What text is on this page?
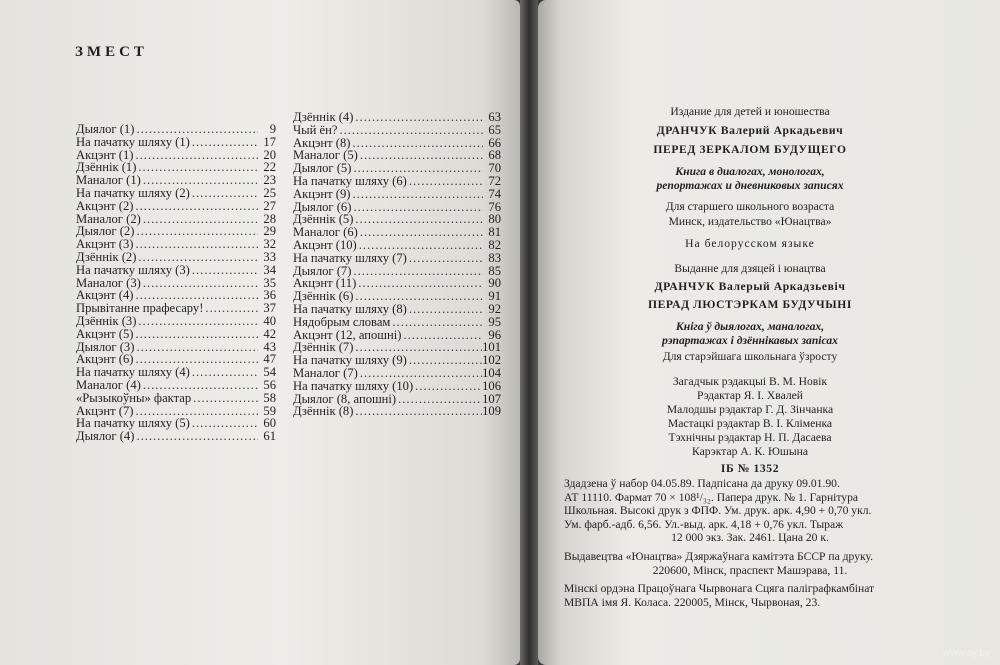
ЗМЕСТ
Дыялог (1) .....	9
На пачатку шляху (1) .....	17
Акцэнт (1) .....	20
Дзённік (1) .....	22
Маналог (1) .....	23
На пачатку шляху (2) .....	25
Акцэнт (2) .....	27
Маналог (2) .....	28
Дыялог (2) .....	29
Акцэнт (3) .....	32
Дзённік (2) .....	33
На пачатку шляху (3) .....	34
Маналог (3) .....	35
Акцэнт (4) .....	36
Прывітанне прафесару! .....	37
Дзённік (3) .....	40
Акцэнт (5) .....	42
Дыялог (3) .....	43
Акцэнт (6) .....	47
На пачатку шляху (4) .....	54
Маналог (4) .....	56
«Рызыкоўны» фактар .....	58
Акцэнт (7) .....	59
На пачатку шляху (5) .....	60
Дыялог (4) .....	61
Дзённік (4) .....	63
Чый ён? .....	65
Акцэнт (8) .....	66
Маналог (5) .....	68
Дыялог (5) .....	70
На пачатку шляху (6) .....	72
Акцэнт (9) .....	74
Дыялог (6) .....	76
Дзённік (5) .....	80
Маналог (6) .....	81
Акцэнт (10) .....	82
На пачатку шляху (7) .....	83
Дыялог (7) .....	85
Акцэнт (11) .....	90
Дзённік (6) .....	91
На пачатку шляху (8) .....	92
Нядобрым словам .....	95
Акцэнт (12, апошні) .....	96
Дзённік (7) .....	101
На пачатку шляху (9) .....	102
Маналог (7) .....	104
На пачатку шляху (10) .....	106
Дыялог (8, апошні) .....	107
Дзённік (8) .....	109
Издание для детей и юношества
ДРАНЧУК Валерий Аркадьевич
ПЕРЕД ЗЕРКАЛОМ БУДУЩЕГО
Книга в диалогах, монологах,
репортажах и дневниковых записях
Для старшего школьного возраста
Минск, издательство «Юнацтва»
На белорусском языке
Выданне для дзяцей і юнацтва
ДРАНЧУК Валерый Аркадзьевіч
ПЕРАД ЛЮСТЭРКАМ БУДУЧЫНІ
Кніга ў дыялогах, маналогах,
рэпартажах і дзённікавых запісах
Для старэйшага школьнага ўзросту
Загадчык рэдакцыі В. М. Новік
Рэдактар Я. І. Хвалей
Малодшы рэдактар Г. Д. Зінчанка
Мастацкі рэдактар В. І. Кліменка
Тэхнічны рэдактар Н. П. Дасаева
Карэктар А. К. Юшына
ІБ № 1352
Здадзена ў набор 04.05.89. Падпісана да друку 09.01.90.
АТ 11110. Фармат 70 × 108¹/₃₂. Папера друк. № 1. Гарнітура
Школьная. Высокі друк з ФПФ. Ум. друк. арк. 4,90 + 0,70 укл.
Ум. фарб.-адб. 6,56. Ул.-выд. арк. 4,18 + 0,76 укл. Тыраж
12 000 экз. Зак. 2461. Цана 20 к.
Выдавецтва «Юнацтва» Дзяржаўнага камітэта БССР па друку.
220600, Мінск, праспект Машэрава, 11.
Мінскі ордэна Працоўнага Чырвонага Сцяга паліграфкамбінат
МВПА імя Я. Коласа. 220005, Мінск, Чырвоная, 23.
www.ay.by
